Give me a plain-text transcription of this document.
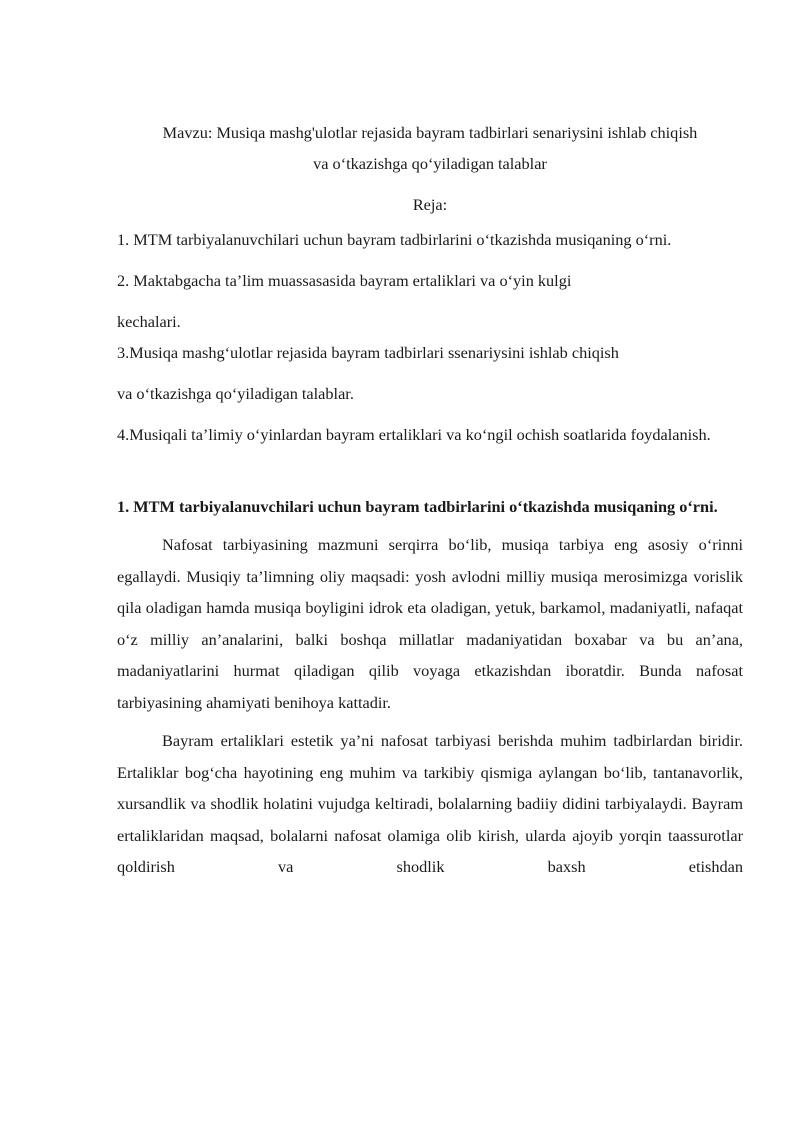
Mavzu: Musiqa mashg'ulotlar rejasida bayram tadbirlari senariysini ishlab chiqish

va o‘tkazishga qo‘yiladigan talablar

Reja:

1. MTM tarbiyalanuvchilari uchun bayram tadbirlarini o‘tkazishda musiqaning o‘rni.

2. Maktabgacha ta’lim muassasasida bayram ertaliklari va o‘yin kulgi

kechalari.

3.Musiqa mashg‘ulotlar rejasida bayram tadbirlari ssenariysini ishlab chiqish

va o‘tkazishga qo‘yiladigan talablar.

4.Musiqali ta’limiy o‘yinlardan bayram ertaliklari va ko‘ngil ochish soatlarida foydalanish.

1. MTM tarbiyalanuvchilari uchun bayram tadbirlarini o‘tkazishda musiqaning o‘rni.

Nafosat tarbiyasining mazmuni serqirra bo‘lib, musiqa tarbiya eng asosiy o‘rinni egallaydi. Musiqiy ta’limning oliy maqsadi: yosh avlodni milliy musiqa merosimizga vorislik qila oladigan hamda musiqa boyligini idrok eta oladigan, yetuk, barkamol, madaniyatli, nafaqat o‘z milliy an’analarini, balki boshqa millatlar madaniyatidan boxabar va bu an’ana, madaniyatlarini hurmat qiladigan qilib voyaga etkazishdan iboratdir. Bunda nafosat tarbiyasining ahamiyati benihoya kattadir.

Bayram ertaliklari estetik ya’ni nafosat tarbiyasi berishda muhim tadbirlardan biridir. Ertaliklar bog‘cha hayotining eng muhim va tarkibiy qismiga aylangan bo‘lib, tantanavorlik, xursandlik va shodlik holatini vujudga keltiradi, bolalarning badiiy didini tarbiyalaydi. Bayram ertaliklaridan maqsad, bolalarni nafosat olamiga olib kirish, ularda ajoyib yorqin taassurotlar qoldirish va shodlik baxsh etishdan
